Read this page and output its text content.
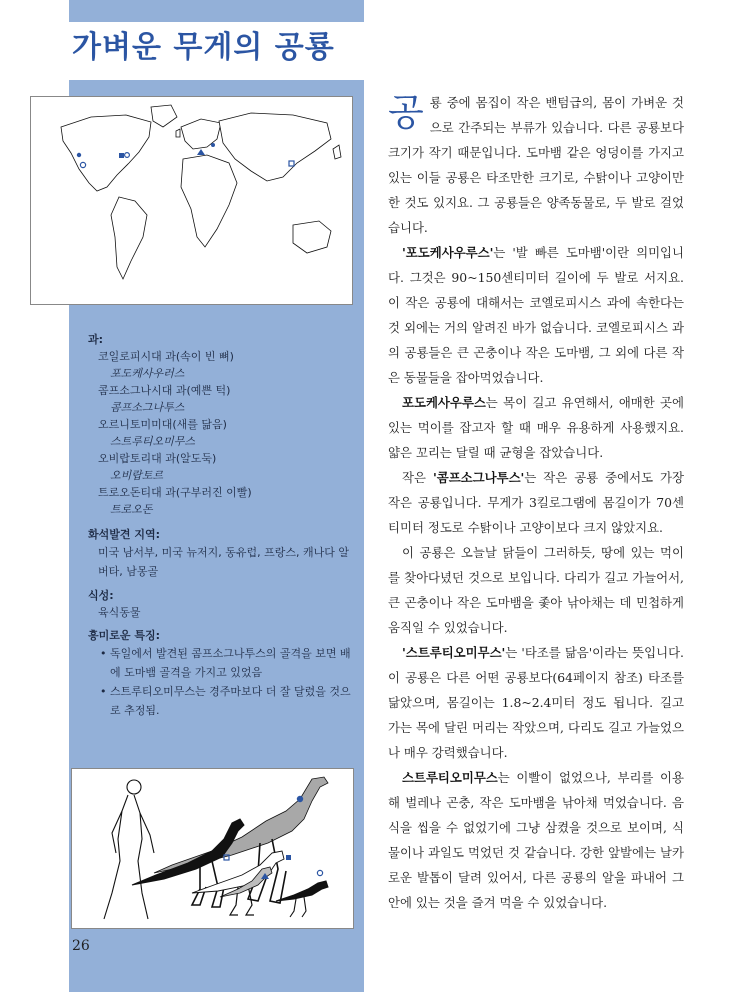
가벼운 무게의 공룡
과:
코일로피시대 과(속이 빈 뼈)
포도케사우러스
콤프소그나시대 과(예쁜 턱)
콤프소그나투스
오르니토미미대(새를 닮음)
스트루티오미무스
오비랍토리대 과(알도둑)
오비랍토르
트로오돈티대 과(구부러진 이빨)
트로오돈
화석발견 지역:
미국 남서부, 미국 뉴저지, 동유럽, 프랑스, 캐나다 알버타, 남몽골
식성:
육식동물
흥미로운 특징:
• 독일에서 발견된 콤프소그나투스의 골격을 보면 배에 도마뱀 골격을 가지고 있었음
• 스트루티오미무스는 경주마보다 더 잘 달렸을 것으로 추정됨.
26

공 룡 중에 몸집이 작은 밴텀급의, 몸이 가벼운 것으로 간주되는 부류가 있습니다. 다른 공룡보다 크기가 작기 때문입니다. 도마뱀 같은 엉덩이를 가지고 있는 이들 공룡은 타조만한 크기로, 수탉이나 고양이만한 것도 있지요. 그 공룡들은 양족동물로, 두 발로 걸었습니다.

'포도케사우루스'는 '발 빠른 도마뱀'이란 의미입니다. 그것은 90~150센티미터 길이에 두 발로 서지요. 이 작은 공룡에 대해서는 코엘로피시스 과에 속한다는 것 외에는 거의 알려진 바가 없습니다. 코엘로피시스 과의 공룡들은 큰 곤충이나 작은 도마뱀, 그 외에 다른 작은 동물들을 잡아먹었습니다.

포도케사우루스는 목이 길고 유연해서, 애매한 곳에 있는 먹이를 잡고자 할 때 매우 유용하게 사용했지요. 얇은 꼬리는 달릴 때 균형을 잡았습니다.

작은 '콤프소그나투스'는 작은 공룡 중에서도 가장 작은 공룡입니다. 무게가 3킬로그램에 몸길이가 70센티미터 정도로 수탉이나 고양이보다 크지 않았지요.

이 공룡은 오늘날 닭들이 그러하듯, 땅에 있는 먹이를 찾아다녔던 것으로 보입니다. 다리가 길고 가늘어서, 큰 곤충이나 작은 도마뱀을 좇아 낚아채는 데 민첩하게 움직일 수 있었습니다.

'스트루티오미무스'는 '타조를 닮음'이라는 뜻입니다. 이 공룡은 다른 어떤 공룡보다(64페이지 참조) 타조를 닮았으며, 몸길이는 1.8~2.4미터 정도 됩니다. 길고 가는 목에 달린 머리는 작았으며, 다리도 길고 가늘었으나 매우 강력했습니다.

스트루티오미무스는 이빨이 없었으나, 부리를 이용해 벌레나 곤충, 작은 도마뱀을 낚아채 먹었습니다. 음식을 씹을 수 없었기에 그냥 삼켰을 것으로 보이며, 식물이나 과일도 먹었던 것 같습니다. 강한 앞발에는 날카로운 발톱이 달려 있어서, 다른 공룡의 알을 파내어 그 안에 있는 것을 즐겨 먹을 수 있었습니다.
